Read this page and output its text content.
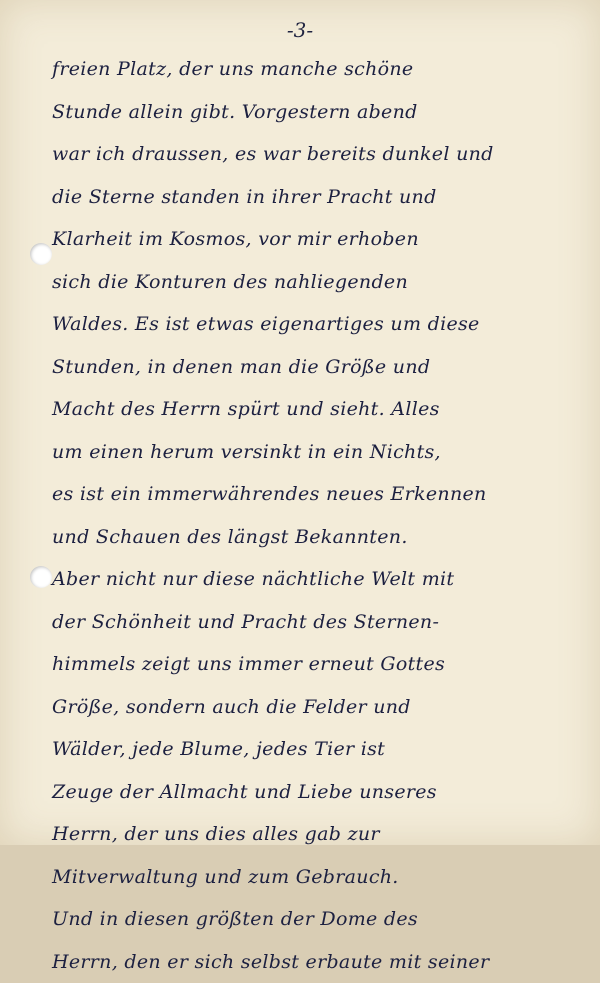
-3-
freien Platz, der uns manche schöne
Stunde allein gibt. Vorgestern abend
war ich draussen, es war bereits dunkel und
die Sterne standen in ihrer Pracht und
Klarheit im Kosmos, vor mir erhoben
sich die Konturen des nahliegenden
Waldes. Es ist etwas eigenartiges um diese
Stunden, in denen man die Größe und
Macht des Herrn spürt und sieht. Alles
um einen herum versinkt in ein Nichts,
es ist ein immerwährendes neues Erkennen
und Schauen des längst Bekannten.
Aber nicht nur diese nächtliche Welt mit
der Schönheit und Pracht des Sternen-
himmels zeigt uns immer erneut Gottes
Größe, sondern auch die Felder und
Wälder, jede Blume, jedes Tier ist
Zeuge der Allmacht und Liebe unseres
Herrn, der uns dies alles gab zur
Mitverwaltung und zum Gebrauch.
Und in diesen größten der Dome des
Herrn, den er sich selbst erbaute mit seiner
